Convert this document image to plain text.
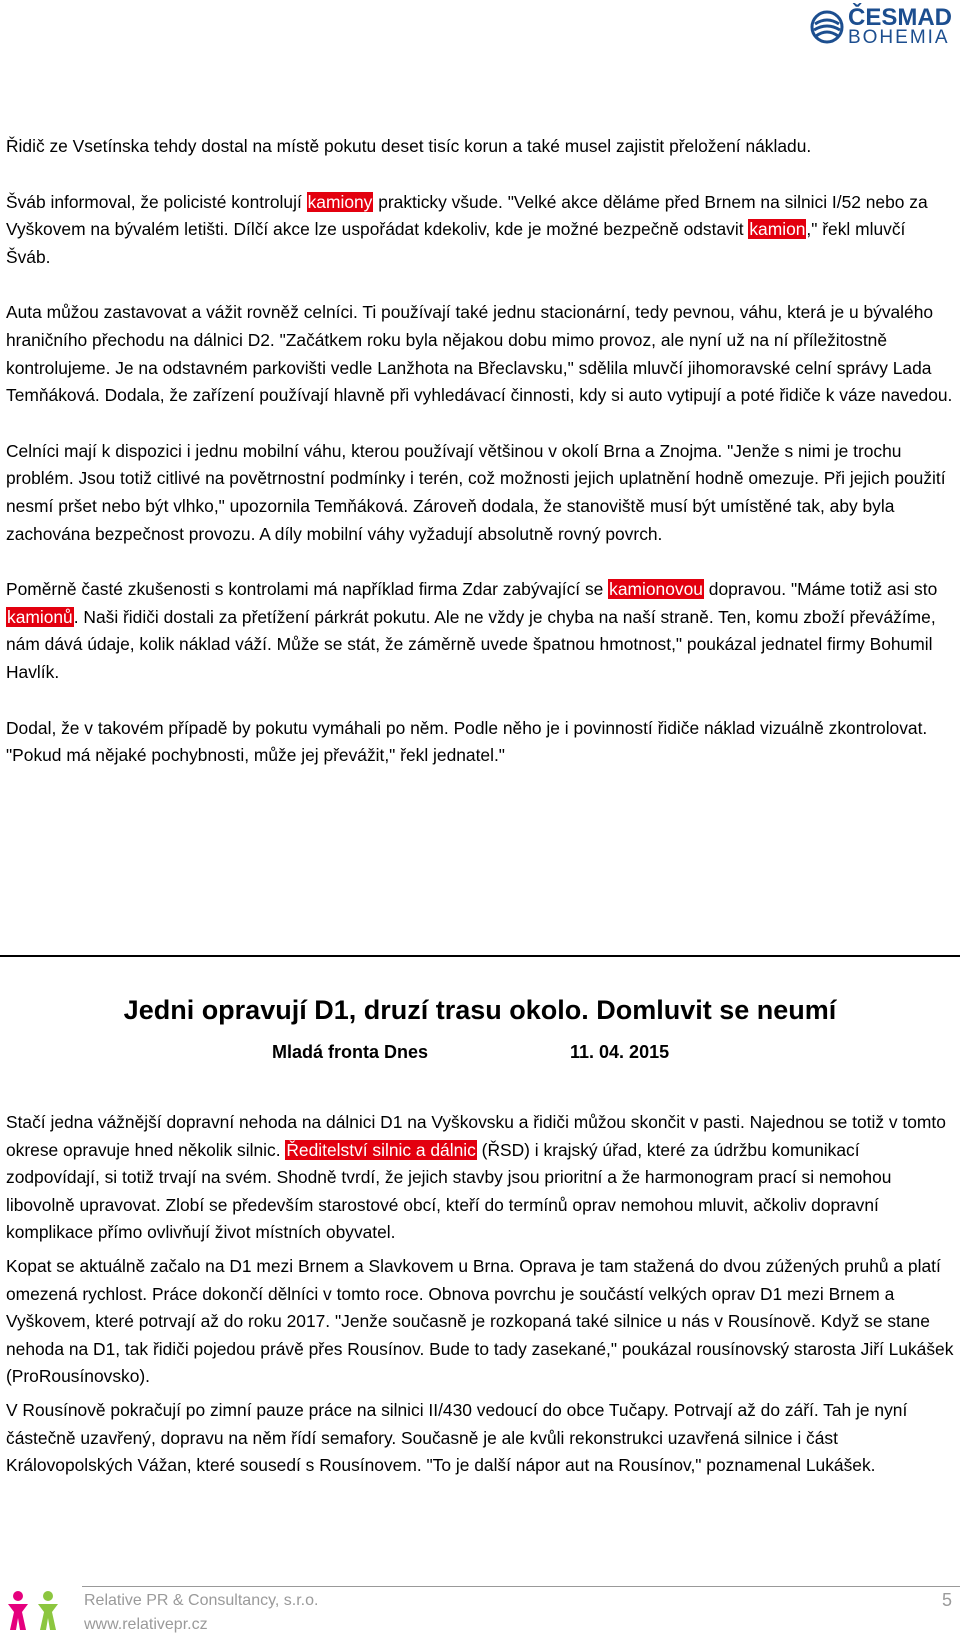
ČESMAD
BOHEMIA

Řidič ze Vsetínska tehdy dostal na místě pokutu deset tisíc korun a také musel zajistit přeložení nákladu.

Šváb informoval, že policisté kontrolují kamiony prakticky všude. "Velké akce děláme před Brnem na silnici I/52 nebo za Vyškovem na bývalém letišti. Dílčí akce lze uspořádat kdekoliv, kde je možné bezpečně odstavit kamion," řekl mluvčí Šváb.

Auta můžou zastavovat a vážit rovněž celníci. Ti používají také jednu stacionární, tedy pevnou, váhu, která je u bývalého hraničního přechodu na dálnici D2. "Začátkem roku byla nějakou dobu mimo provoz, ale nyní už na ní příležitostně kontrolujeme. Je na odstavném parkovišti vedle Lanžhota na Břeclavsku," sdělila mluvčí jihomoravské celní správy Lada Temňáková. Dodala, že zařízení používají hlavně při vyhledávací činnosti, kdy si auto vytipují a poté řidiče k váze navedou.

Celníci mají k dispozici i jednu mobilní váhu, kterou používají většinou v okolí Brna a Znojma. "Jenže s nimi je trochu problém. Jsou totiž citlivé na povětrnostní podmínky i terén, což možnosti jejich uplatnění hodně omezuje. Při jejich použití nesmí pršet nebo být vlhko," upozornila Temňáková. Zároveň dodala, že stanoviště musí být umístěné tak, aby byla zachována bezpečnost provozu. A díly mobilní váhy vyžadují absolutně rovný povrch.

Poměrně časté zkušenosti s kontrolami má například firma Zdar zabývající se kamionovou dopravou. "Máme totiž asi sto kamionů. Naši řidiči dostali za přetížení párkrát pokutu. Ale ne vždy je chyba na naší straně. Ten, komu zboží převážíme, nám dává údaje, kolik náklad váží. Může se stát, že záměrně uvede špatnou hmotnost," poukázal jednatel firmy Bohumil Havlík.

Dodal, že v takovém případě by pokutu vymáhali po něm. Podle něho je i povinností řidiče náklad vizuálně zkontrolovat. "Pokud má nějaké pochybnosti, může jej převážit," řekl jednatel."

Jedni opravují D1, druzí trasu okolo. Domluvit se neumí
Mladá fronta Dnes	11. 04. 2015

Stačí jedna vážnější dopravní nehoda na dálnici D1 na Vyškovsku a řidiči můžou skončit v pasti. Najednou se totiž v tomto okrese opravuje hned několik silnic. Ředitelství silnic a dálnic (ŘSD) i krajský úřad, které za údržbu komunikací zodpovídají, si totiž trvají na svém. Shodně tvrdí, že jejich stavby jsou prioritní a že harmonogram prací si nemohou libovolně upravovat. Zlobí se především starostové obcí, kteří do termínů oprav nemohou mluvit, ačkoliv dopravní komplikace přímo ovlivňují život místních obyvatel.

Kopat se aktuálně začalo na D1 mezi Brnem a Slavkovem u Brna. Oprava je tam stažená do dvou zúžených pruhů a platí omezená rychlost. Práce dokončí dělníci v tomto roce. Obnova povrchu je součástí velkých oprav D1 mezi Brnem a Vyškovem, které potrvají až do roku 2017. "Jenže současně je rozkopaná také silnice u nás v Rousínově. Když se stane nehoda na D1, tak řidiči pojedou právě přes Rousínov. Bude to tady zasekané," poukázal rousínovský starosta Jiří Lukášek (ProRousínovsko).

V Rousínově pokračují po zimní pauze práce na silnici II/430 vedoucí do obce Tučapy. Potrvají až do září. Tah je nyní částečně uzavřený, dopravu na něm řídí semafory. Současně je ale kvůli rekonstrukci uzavřená silnice i část Královopolských Vážan, které sousedí s Rousínovem. "To je další nápor aut na Rousínov," poznamenal Lukášek.

Relative PR & Consultancy, s.r.o.
www.relativepr.cz
5
